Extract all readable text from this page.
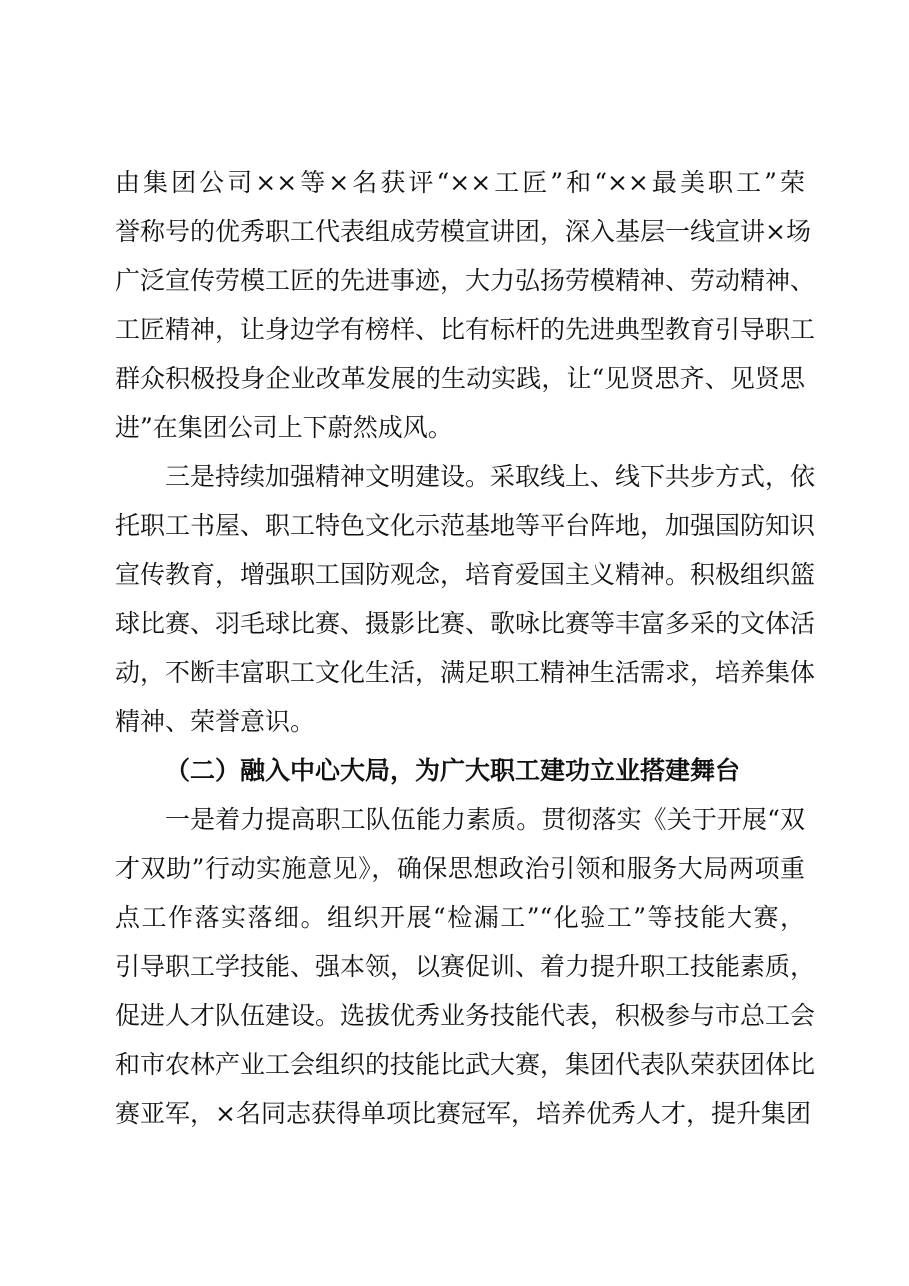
由集团公司××等×名获评“××工匠”和“××最美职工”荣
誉称号的优秀职工代表组成劳模宣讲团，深入基层一线宣讲×场
广泛宣传劳模工匠的先进事迹，大力弘扬劳模精神、劳动精神、
工匠精神，让身边学有榜样、比有标杆的先进典型教育引导职工
群众积极投身企业改革发展的生动实践，让“见贤思齐、见贤思
进”在集团公司上下蔚然成风。
三是持续加强精神文明建设。采取线上、线下共步方式，依
托职工书屋、职工特色文化示范基地等平台阵地，加强国防知识
宣传教育，增强职工国防观念，培育爱国主义精神。积极组织篮
球比赛、羽毛球比赛、摄影比赛、歌咏比赛等丰富多采的文体活
动，不断丰富职工文化生活，满足职工精神生活需求，培养集体
精神、荣誉意识。
（二）融入中心大局，为广大职工建功立业搭建舞台
一是着力提高职工队伍能力素质。贯彻落实《关于开展“双
才双助”行动实施意见》，确保思想政治引领和服务大局两项重
点工作落实落细。组织开展“检漏工”“化验工”等技能大赛，
引导职工学技能、强本领，以赛促训、着力提升职工技能素质，
促进人才队伍建设。选拔优秀业务技能代表，积极参与市总工会
和市农林产业工会组织的技能比武大赛，集团代表队荣获团体比
赛亚军，×名同志获得单项比赛冠军，培养优秀人才，提升集团
